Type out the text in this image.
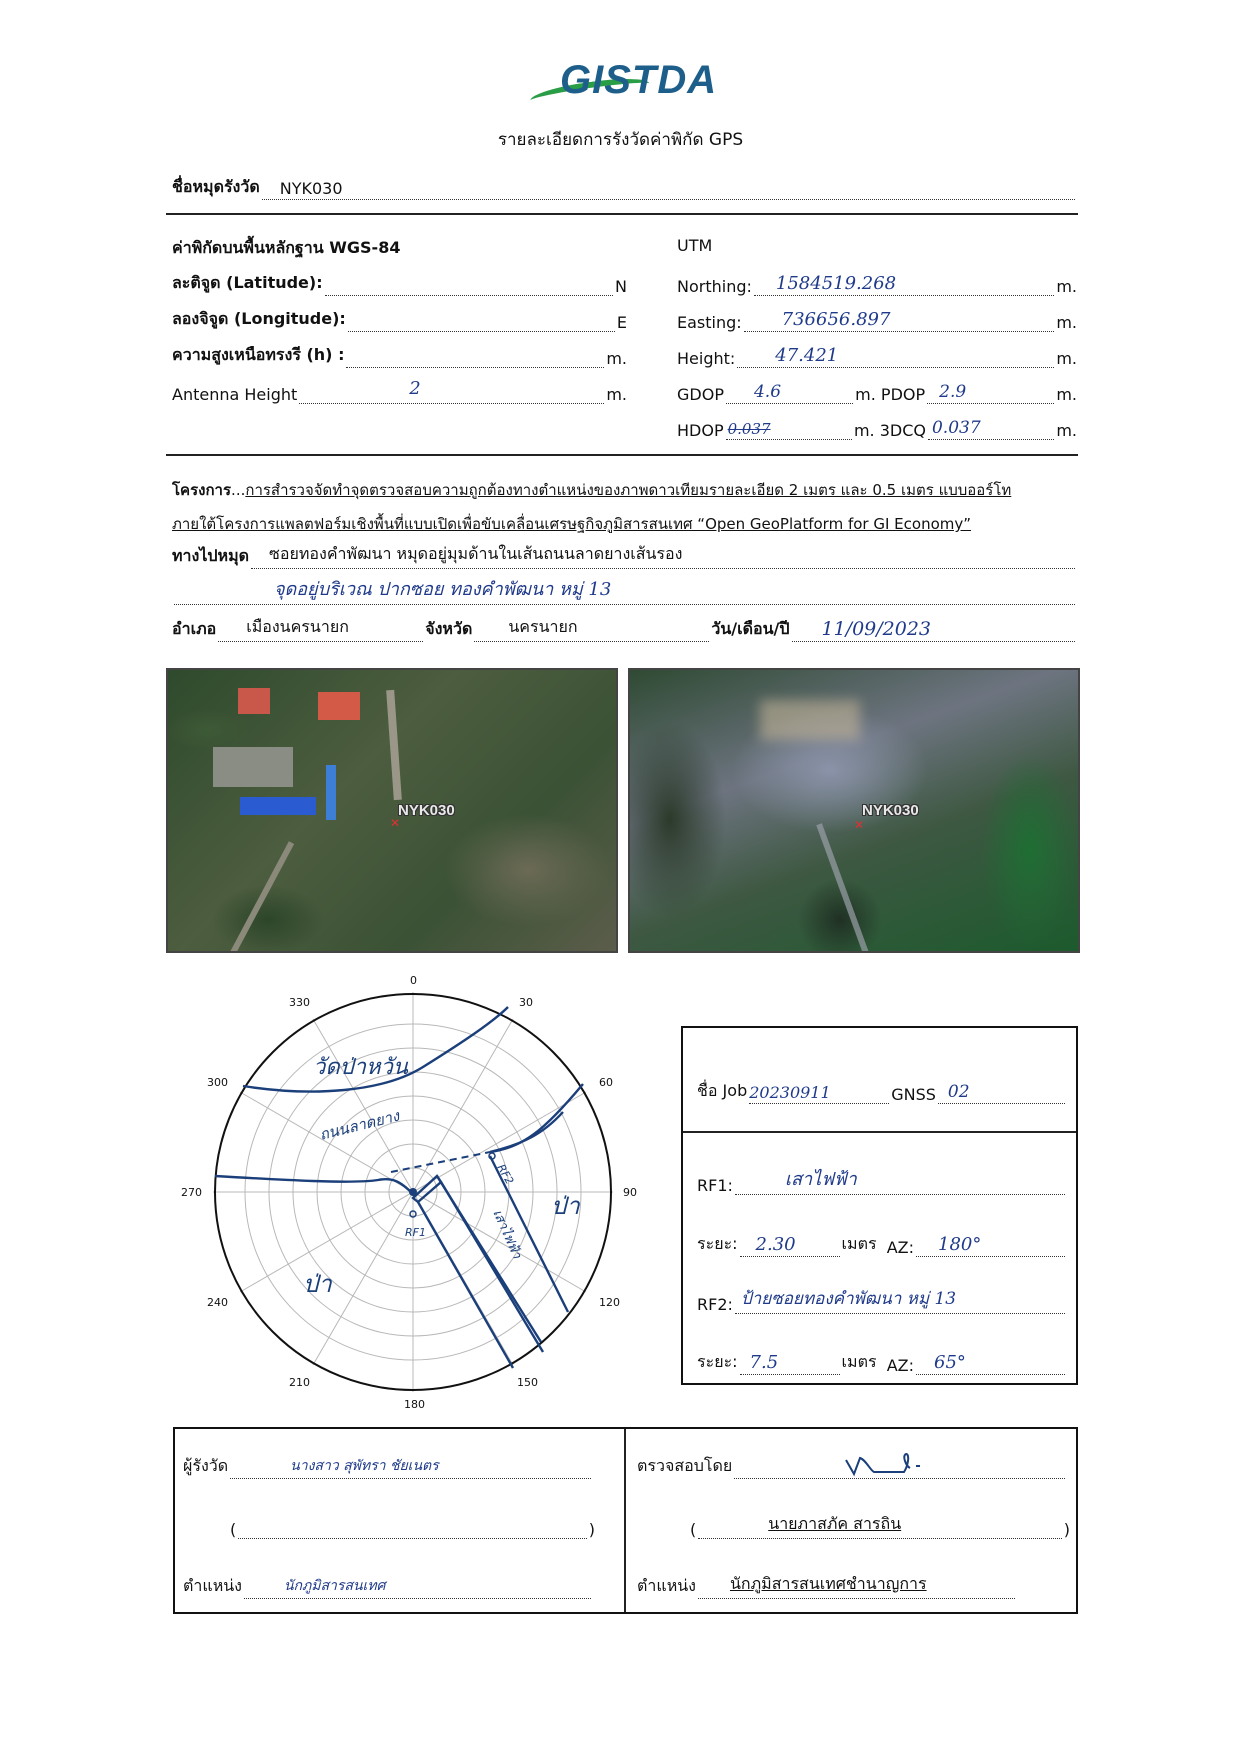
GISTDA
รายละเอียดการรังวัดค่าพิกัด GPS
ชื่อหมุดรังวัด NYK030
ค่าพิกัดบนพื้นหลักฐาน WGS-84
ละติจูด (Latitude):	N
ลองจิจูด (Longitude):	E
ความสูงเหนือทรงรี (h) :	m.
Antenna Height	2	m.
UTM
Northing: 1584519.268	m.
Easting: 736656.897	m.
Height: 47.421	m.
GDOP 4.6	m.
PDOP 2.9	m.
HDOP 0.037	m.
3DCQ 0.037	m.
โครงการ...การสำรวจจัดทำจุดตรวจสอบความถูกต้องทางตำแหน่งของภาพดาวเทียมรายละเอียด 2 เมตร และ 0.5 เมตร แบบออร์โท
ภายใต้โครงการแพลตฟอร์มเชิงพื้นที่แบบเปิดเพื่อขับเคลื่อนเศรษฐกิจภูมิสารสนเทศ “Open GeoPlatform for GI Economy”
ทางไปหมุด ซอยทองคำพัฒนา หมุดอยู่มุมด้านในเส้นถนนลาดยางเส้นรอง
จุดอยู่บริเวณ ปากซอย ทองคำพัฒนา หมู่ 13
อำเภอ เมืองนครนายก	จังหวัด นครนายก	วัน/เดือน/ปี 11/09/2023
NYK030
✕
NYK030
✕
0
30
60
90
120
150
180
210
240
270
300
330
วัดป่าหวัน
ถนนลาดยาง
ป่า
ป่า
RF1
RF2
เสาไฟฟ้า
ชื่อ Job 20230911	GNSS 02
RF1:	เสาไฟฟ้า
ระยะ: 2.30	เมตร
AZ: 180°
RF2: ป้ายซอยทองคำพัฒนา หมู่ 13
ระยะ: 7.5	เมตร
AZ: 65°
ผู้รังวัด	นางสาว สุพัทรา ชัยเนตร
(	)
ตำแหน่ง	นักภูมิสารสนเทศ
ตรวจสอบโดย
(	นายภาสภัค สารถิน	)
ตำแหน่ง นักภูมิสารสนเทศชำนาญการ
